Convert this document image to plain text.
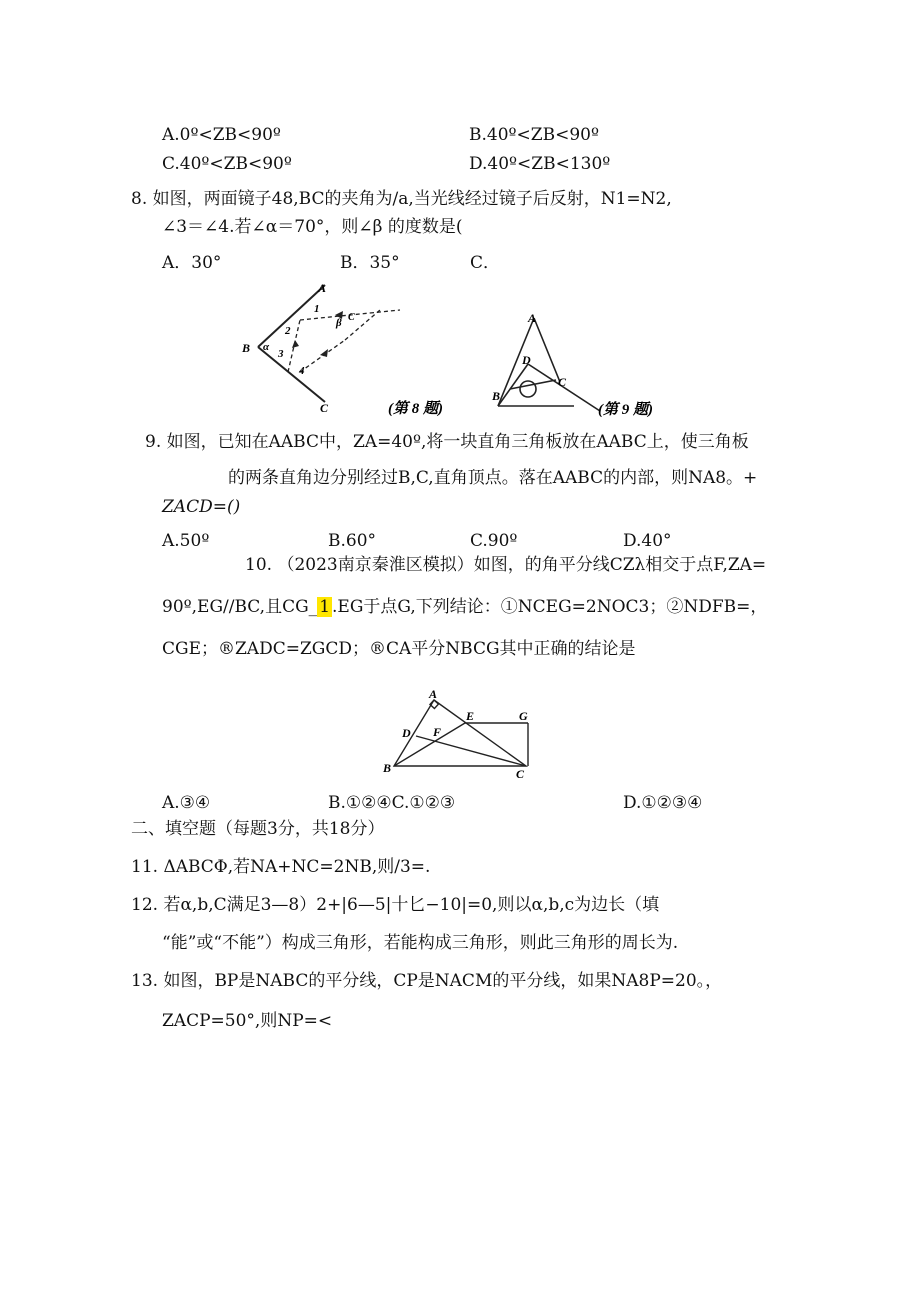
A.0º<ZB<90º	B.40º<ZB<90º
C.40º<ZB<90º	D.40º<ZB<130º
8. 如图，两面镜子48,BC的夹角为∕a,当光线经过镜子后反射，N1=N2,
∠3＝∠4.若∠α＝70°，则∠β 的度数是(
A．30°	B．35°	C．
A
1
β C
2
B α
3
4
C	(第 8 题)
A
D
C
B
(第 9 题)
9. 如图，已知在AABC中，ZA=40º,将一块直角三角板放在AABC上，使三角板
的两条直角边分别经过B,C,直角顶点。落在AABC的内部，则NA8。+
ZACD=()
A.50º	B.60°	C.90º	D.40°
10. （2023南京秦淮区模拟）如图，的角平分线CZλ相交于点F,ZA=
90º,EG//BC,且CG_ 1 .EG于点G,下列结论：①NCEG=2NOC3；②NDFB=，
CGE；®ZADC=ZGCD；®CA平分NBCG其中正确的结论是
A
E	G
D F
B	C
A.③④	B.①②④C.①②③	D.①②③④
二、填空题（每题3分，共18分）
11. ΔABCΦ,若NA+NC=2NB,则/3=.
12. 若α,b,C满足3—8）2+|6—5|十匕−10|=0,则以α,b,c为边长（填
“能”或“不能”）构成三角形，若能构成三角形，则此三角形的周长为.
13. 如图，BP是NABC的平分线，CP是NACM的平分线，如果NA8P=20。，
ZACP=50°,则NP=<
